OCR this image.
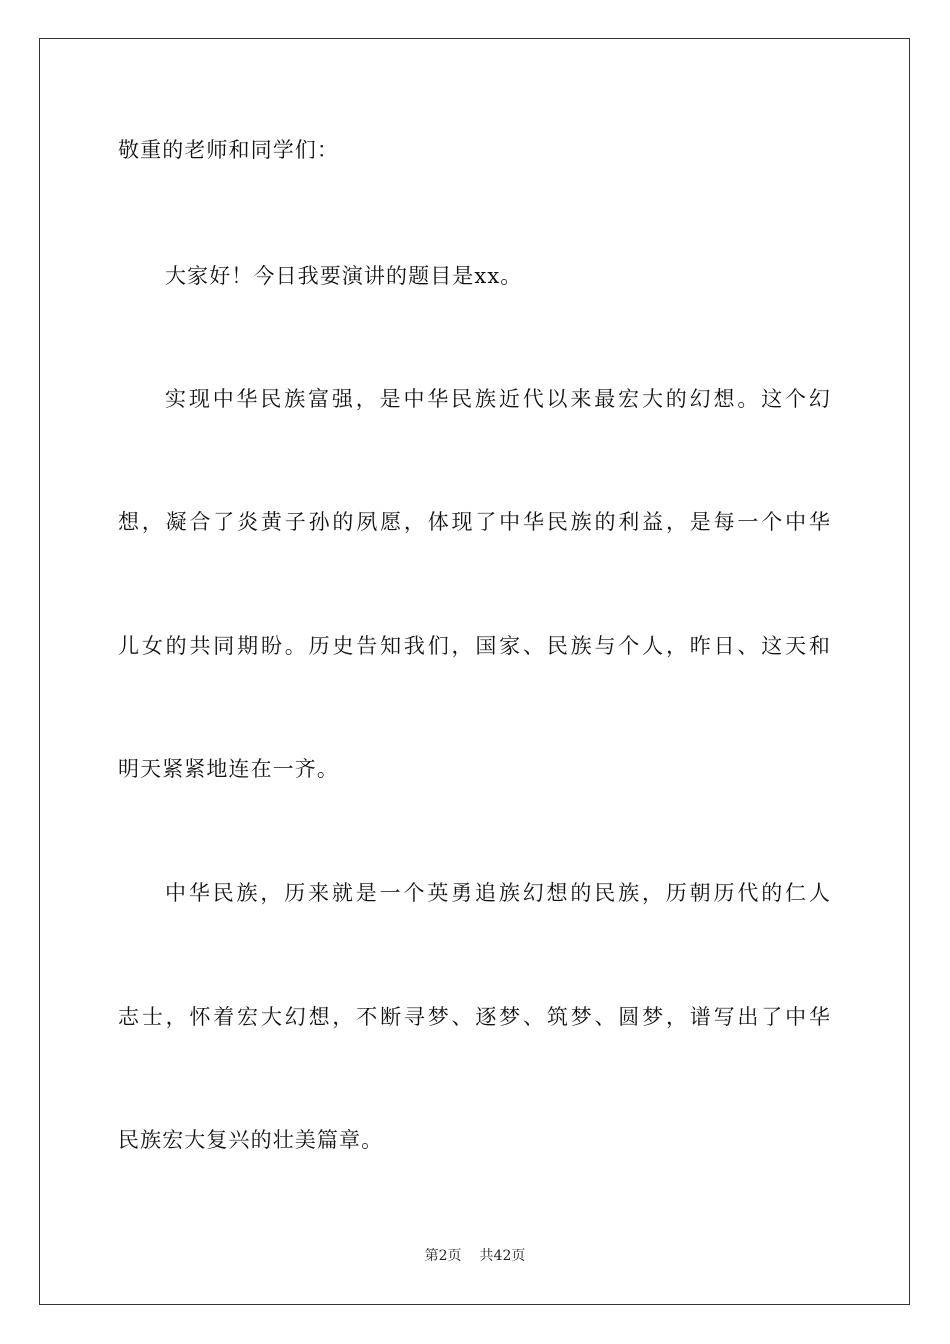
敬重的老师和同学们：

大家好！今日我要演讲的题目是xx。

实现中华民族富强，是中华民族近代以来最宏大的幻想。这个幻

想，凝合了炎黄子孙的夙愿，体现了中华民族的利益，是每一个中华

儿女的共同期盼。历史告知我们，国家、民族与个人，昨日、这天和

明天紧紧地连在一齐。

中华民族，历来就是一个英勇追族幻想的民族，历朝历代的仁人

志士，怀着宏大幻想，不断寻梦、逐梦、筑梦、圆梦，谱写出了中华

民族宏大复兴的壮美篇章。

第2页 共42页
